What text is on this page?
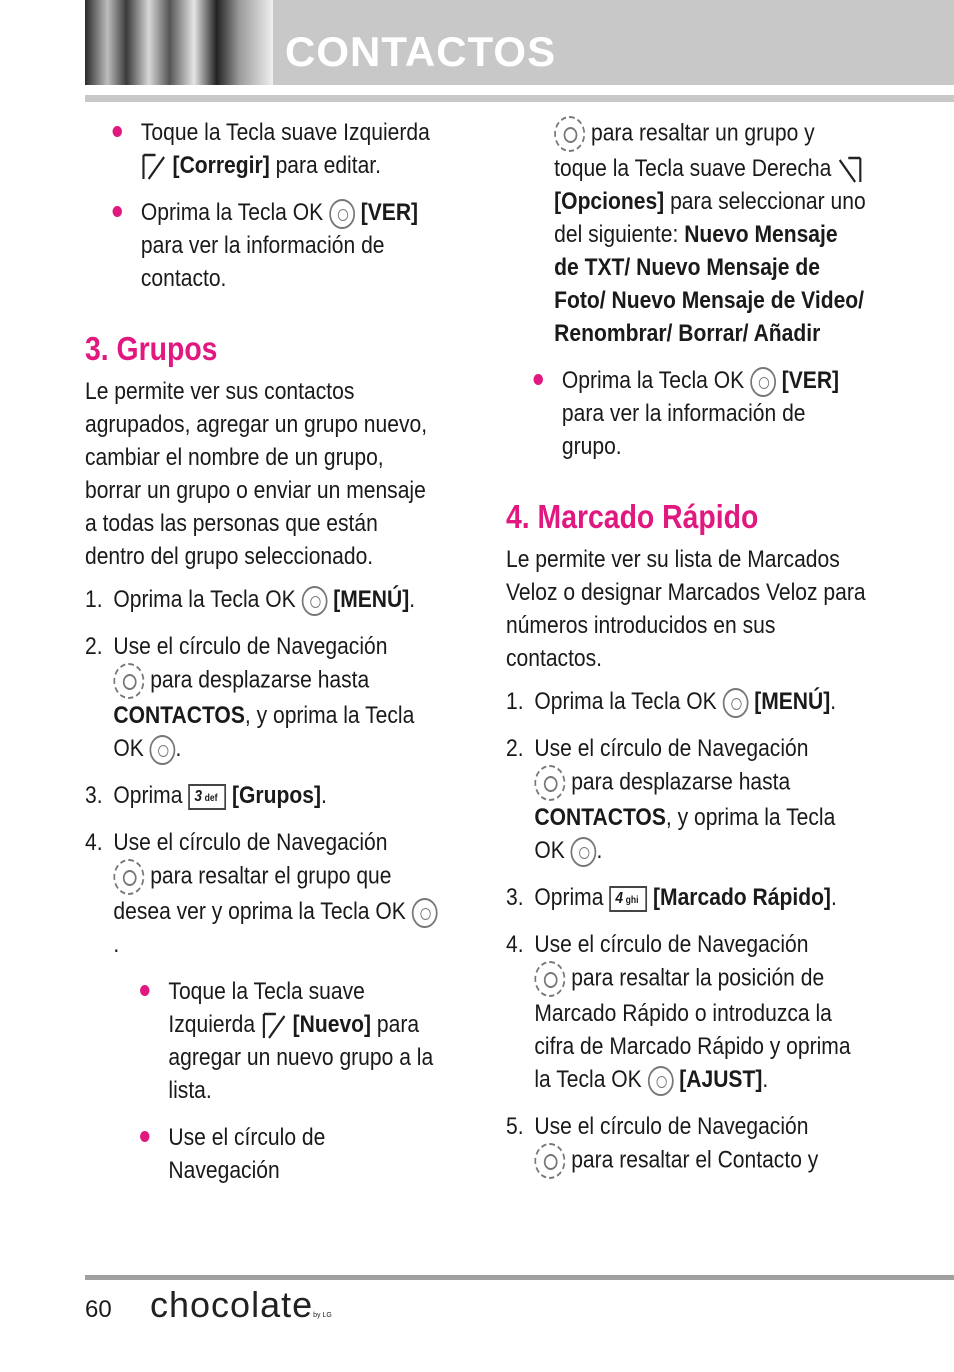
CONTACTOS

Toque la Tecla suave Izquierda  [Corregir] para editar.

Oprima la Tecla OK [VER] para ver la información de contacto.

3. Grupos

Le permite ver sus contactos agrupados, agregar un grupo nuevo, cambiar el nombre de un grupo, borrar un grupo o enviar un mensaje a todas las personas que están dentro del grupo seleccionado.

1. Oprima la Tecla OK [MENÚ].

2. Use el círculo de Navegación
para desplazarse hasta CONTACTOS, y oprima la Tecla OK .

3. Oprima 3 def [Grupos].

4. Use el círculo de Navegación
para resaltar el grupo que desea ver y oprima la Tecla OK .

Toque la Tecla suave Izquierda [Nuevo] para agregar un nuevo grupo a la lista.

Use el círculo de Navegación

para resaltar un grupo y toque la Tecla suave Derecha  [Opciones] para seleccionar uno del siguiente: Nuevo Mensaje de TXT/ Nuevo Mensaje de Foto/ Nuevo Mensaje de Video/ Renombrar/ Borrar/ Añadir

Oprima la Tecla OK [VER] para ver la información de grupo.

4. Marcado Rápido

Le permite ver su lista de Marcados Veloz o designar Marcados Veloz para números introducidos en sus contactos.

1. Oprima la Tecla OK [MENÚ].

2. Use el círculo de Navegación
para desplazarse hasta CONTACTOS, y oprima la Tecla OK .

3. Oprima 4 ghi [Marcado Rápido].

4. Use el círculo de Navegación
para resaltar la posición de Marcado Rápido o introduzca la cifra de Marcado Rápido y oprima la Tecla OK [AJUST].

5. Use el círculo de Navegación
para resaltar el Contacto y

60 chocolateby LG
